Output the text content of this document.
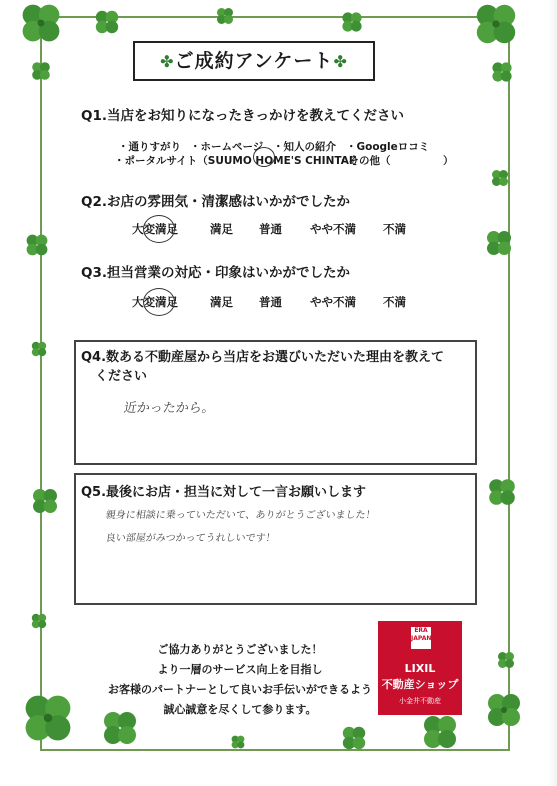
✤ご成約アンケート✤
Q1.当店をお知りになったきっかけを教えてください
・通りすがり ・ホームページ ・知人の紹介 ・Googleロコミ
・ポータルサイト（SUUMO HOME'S CHINTAI）
・その他（　　　　　）
Q2.お店の雰囲気・清潔感はいかがでしたか
大変満足	満足 普通 やや不満 不満
Q3.担当営業の対応・印象はいかがでしたか
大変満足	満足 普通 やや不満 不満
Q4.数ある不動産屋から当店をお選びいただいた理由を教えて
ください
近かったから。
Q5.最後にお店・担当に対して一言お願いします
親身に相談に乗っていただいて、ありがとうございました！
良い部屋がみつかってうれしいです！
ご協力ありがとうございました！
より一層のサービス向上を目指し
お客様のパートナーとして良いお手伝いができるよう
誠心誠意を尽くして参ります。
ERA JAPAN
LIXIL
不動産ショップ
小金井不動産
